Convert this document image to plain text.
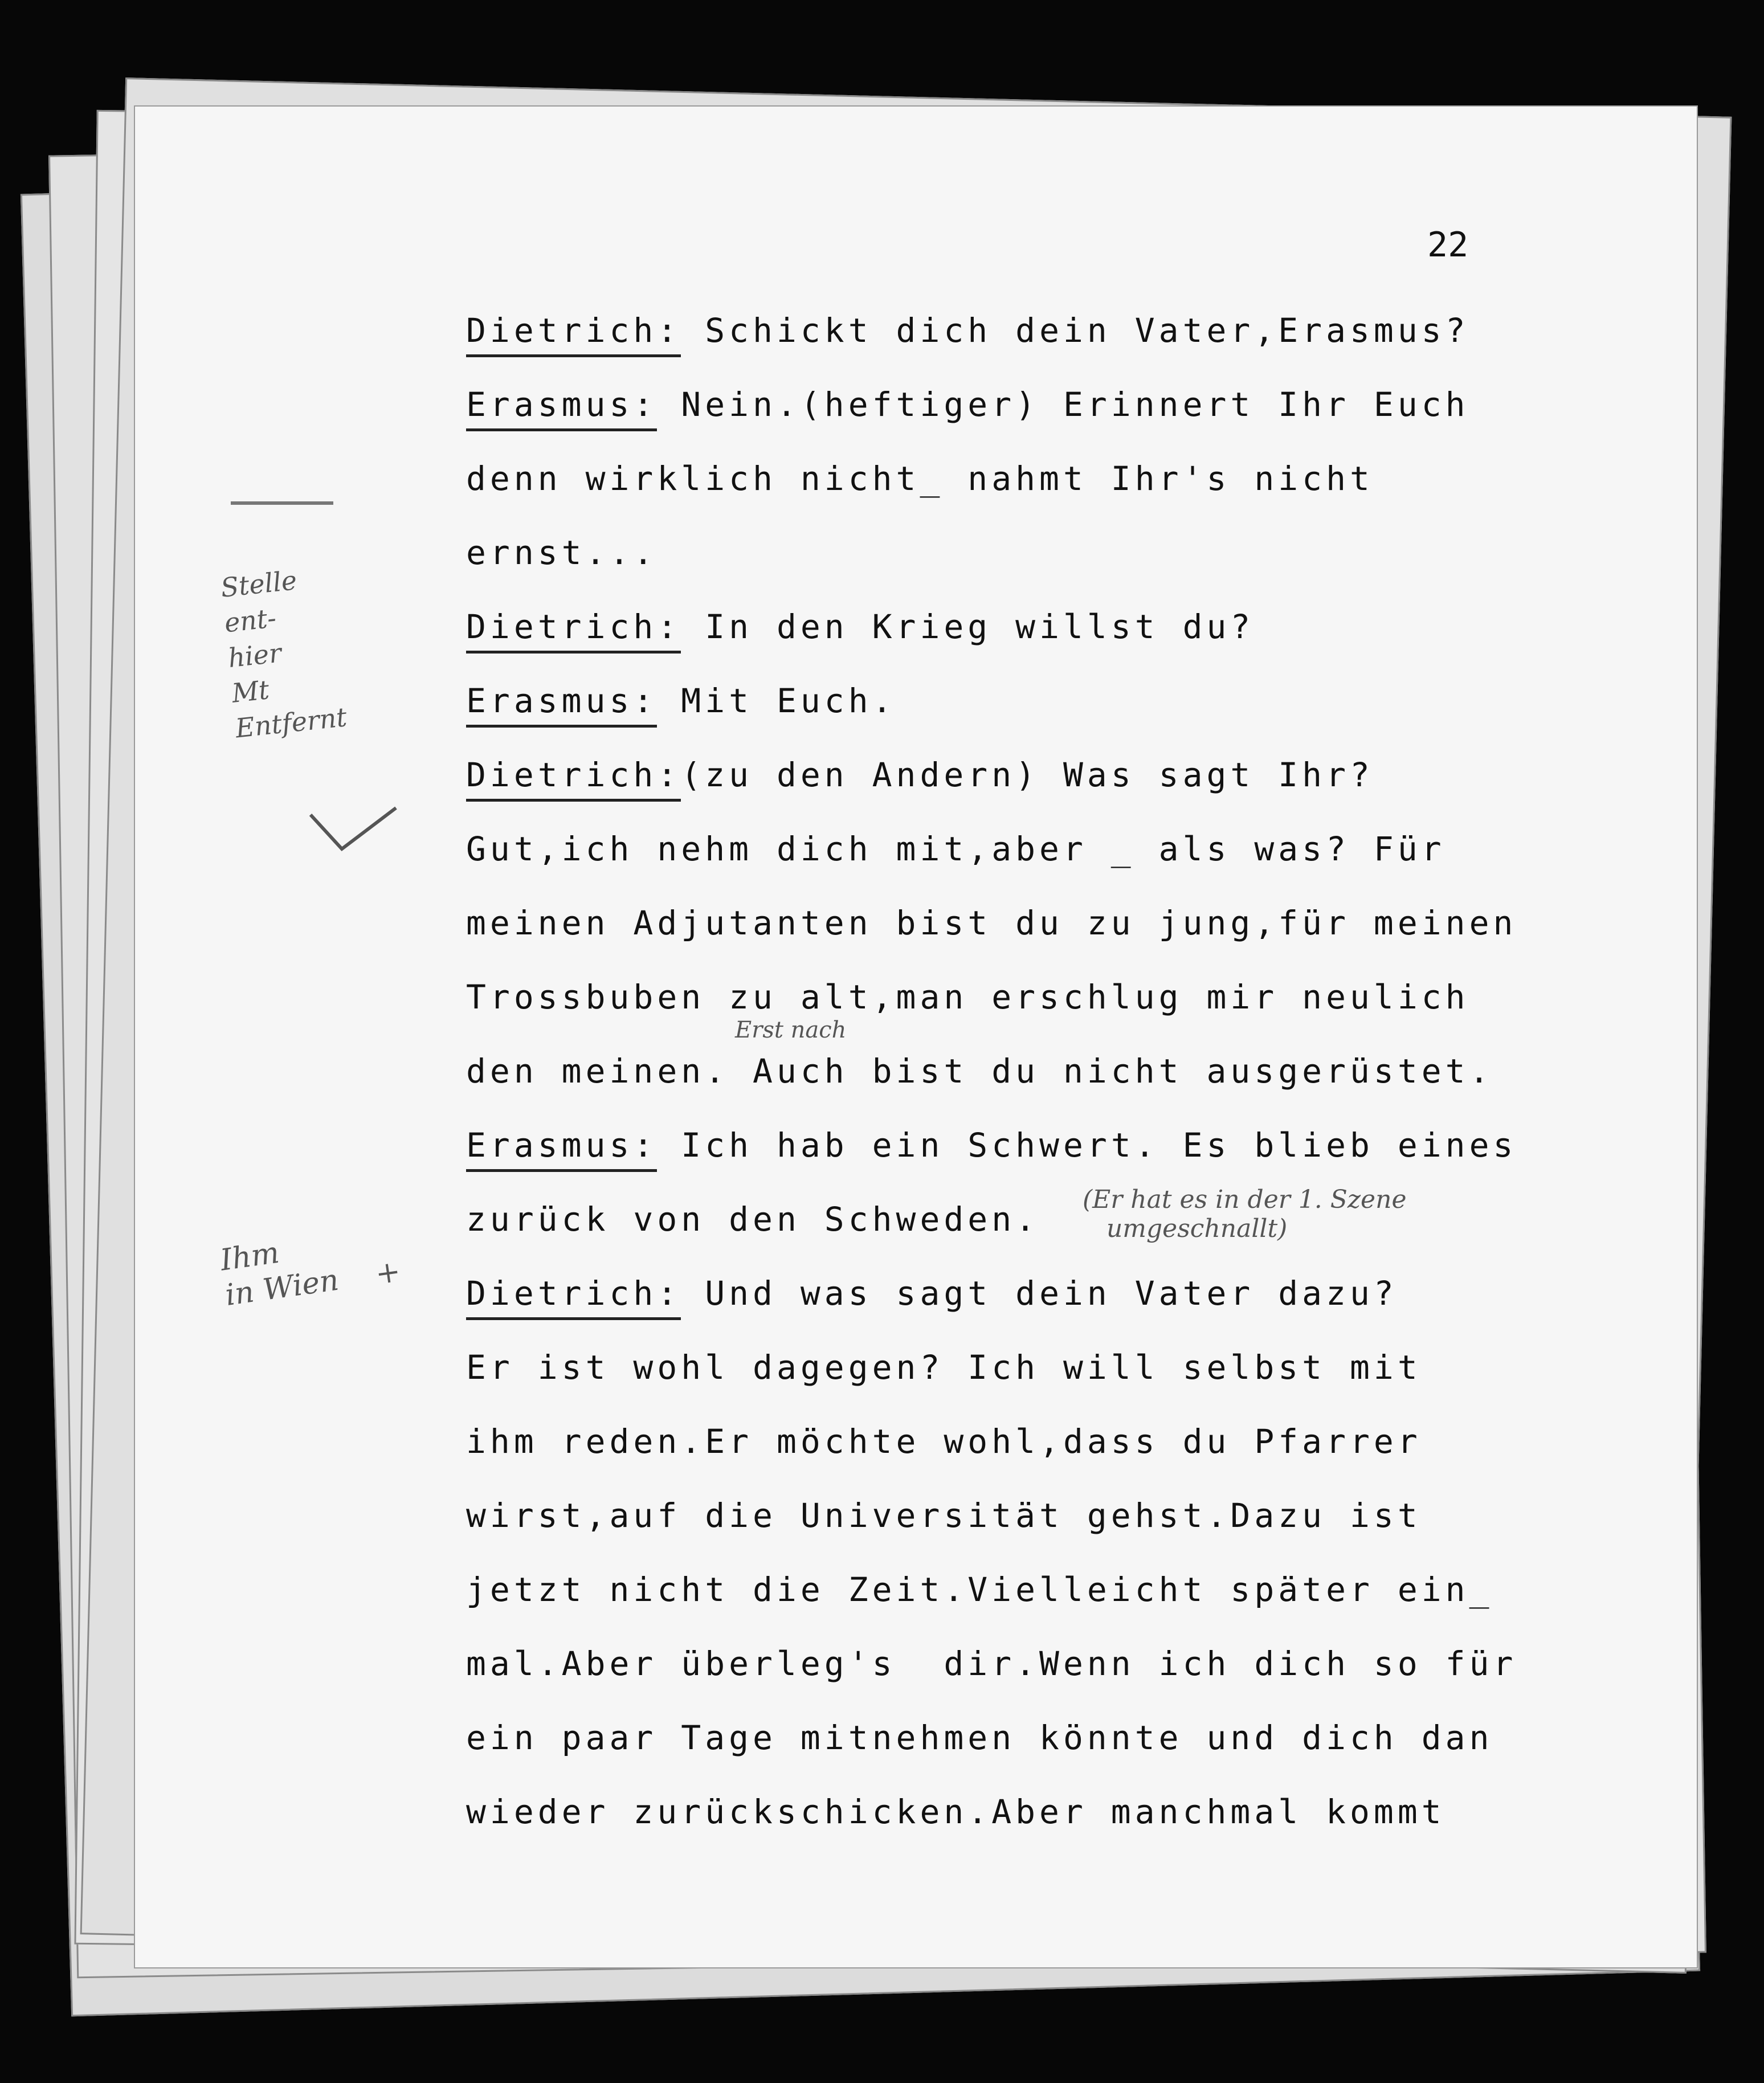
22
Stelle
ent-
hier
Mt
Entfernt
Ihm
in Wien    +
Erst nach
(Er hat es in der 1. Szene
umgeschnallt)
Dietrich: Schickt dich dein Vater,Erasmus?
Erasmus: Nein.(heftiger) Erinnert Ihr Euch
denn wirklich nicht_ nahmt Ihr's nicht
ernst...
Dietrich: In den Krieg willst du?
Erasmus: Mit Euch.
Dietrich:(zu den Andern) Was sagt Ihr?
Gut,ich nehm dich mit,aber _ als was? Für
meinen Adjutanten bist du zu jung,für meinen
Trossbuben zu alt,man erschlug mir neulich
den meinen. Auch bist du nicht ausgerüstet.
Erasmus: Ich hab ein Schwert. Es blieb eines
zurück von den Schweden.
Dietrich: Und was sagt dein Vater dazu?
Er ist wohl dagegen? Ich will selbst mit
ihm reden.Er möchte wohl,dass du Pfarrer
wirst,auf die Universität gehst.Dazu ist
jetzt nicht die Zeit.Vielleicht später ein_
mal.Aber überleg's  dir.Wenn ich dich so für
ein paar Tage mitnehmen könnte und dich dan
wieder zurückschicken.Aber manchmal kommt
